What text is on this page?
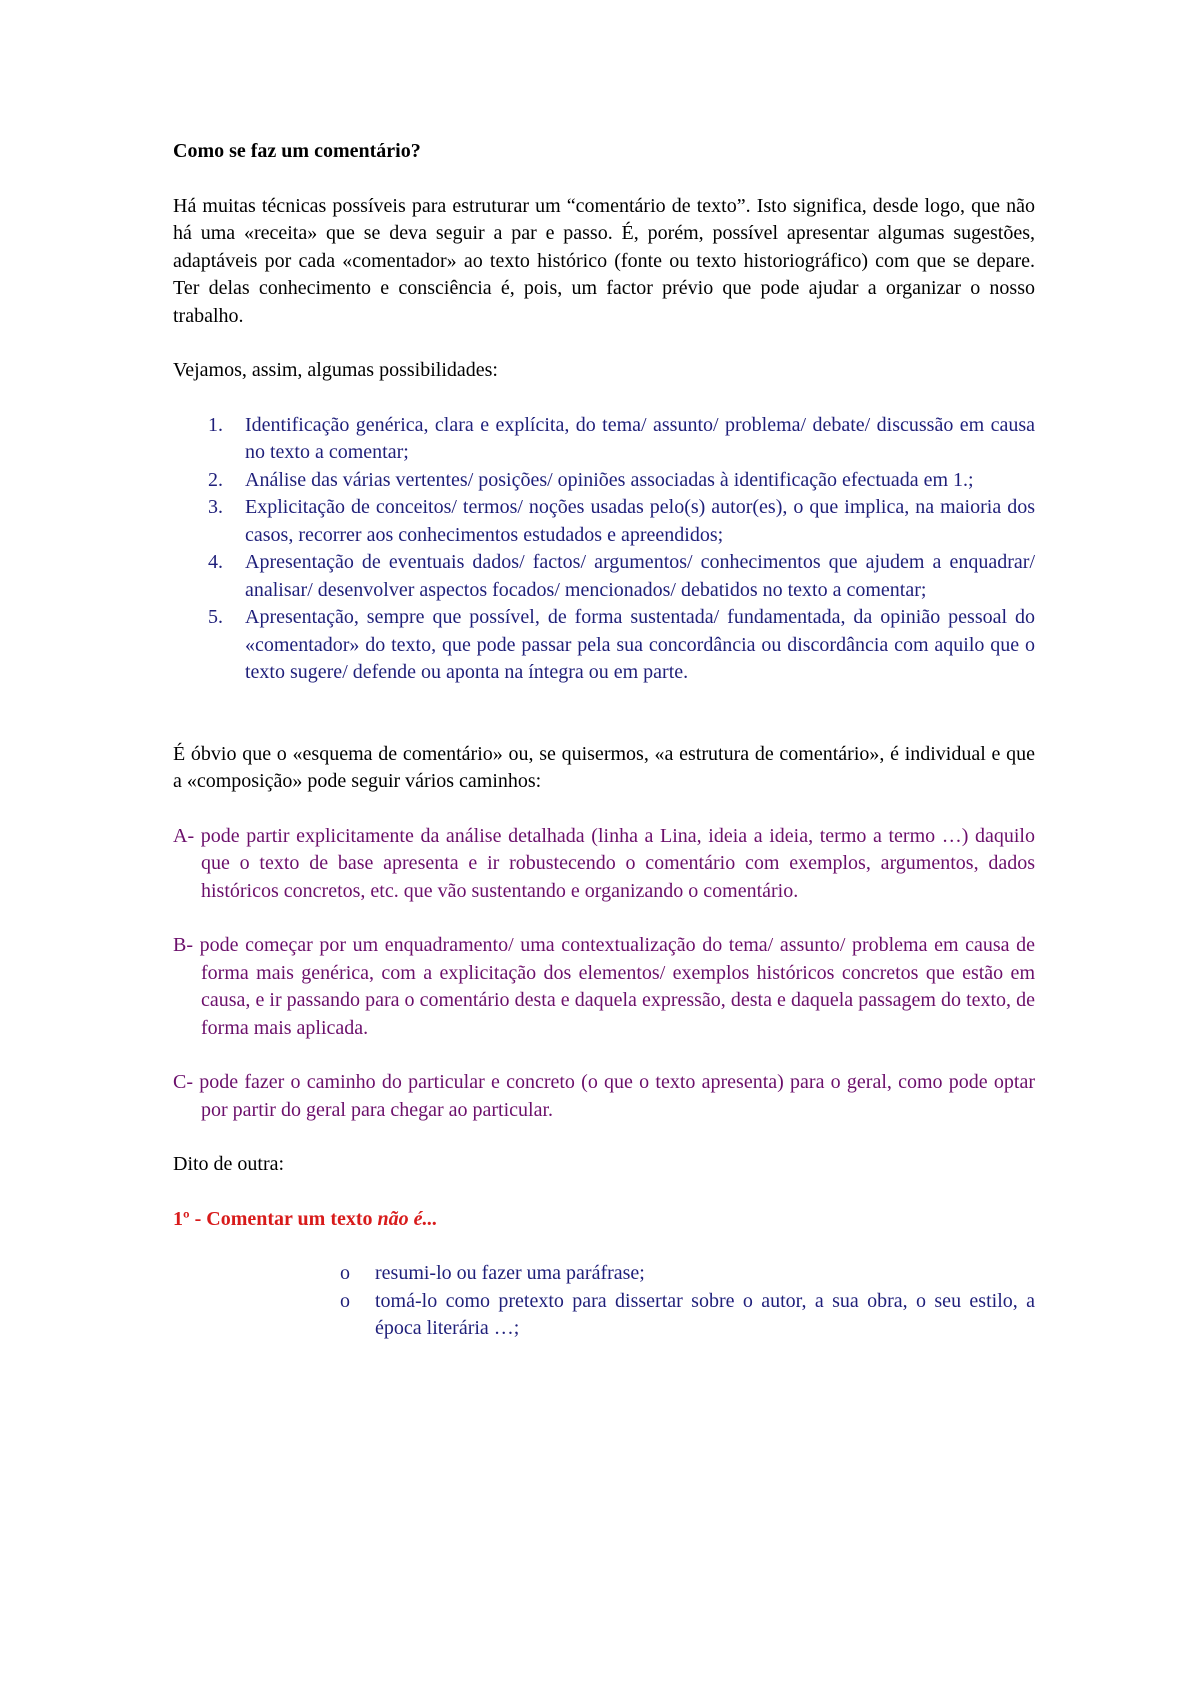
Como se faz um comentário?

Há muitas técnicas possíveis para estruturar um “comentário de texto”. Isto significa, desde logo, que não há uma «receita» que se deva seguir a par e passo. É, porém, possível apresentar algumas sugestões, adaptáveis por cada «comentador» ao texto histórico (fonte ou texto historiográfico) com que se depare. Ter delas conhecimento e consciência é, pois, um factor prévio que pode ajudar a organizar o nosso trabalho.

Vejamos, assim, algumas possibilidades:

1. Identificação genérica, clara e explícita, do tema/ assunto/ problema/ debate/ discussão em causa no texto a comentar;
2. Análise das várias vertentes/ posições/ opiniões associadas à identificação efectuada em 1.;
3. Explicitação de conceitos/ termos/ noções usadas pelo(s) autor(es), o que implica, na maioria dos casos, recorrer aos conhecimentos estudados e apreendidos;
4. Apresentação de eventuais dados/ factos/ argumentos/ conhecimentos que ajudem a enquadrar/ analisar/ desenvolver aspectos focados/ mencionados/ debatidos no texto a comentar;
5. Apresentação, sempre que possível, de forma sustentada/ fundamentada, da opinião pessoal do «comentador» do texto, que pode passar pela sua concordância ou discordância com aquilo que o texto sugere/ defende ou aponta na íntegra ou em parte.

É óbvio que o «esquema de comentário» ou, se quisermos, «a estrutura de comentário», é individual e que a «composição» pode seguir vários caminhos:

A- pode partir explicitamente da análise detalhada (linha a Lina, ideia a ideia, termo a termo …) daquilo que o texto de base apresenta e ir robustecendo o comentário com exemplos, argumentos, dados históricos concretos, etc. que vão sustentando e organizando o comentário.
B- pode começar por um enquadramento/ uma contextualização do tema/ assunto/ problema em causa de forma mais genérica, com a explicitação dos elementos/ exemplos históricos concretos que estão em causa, e ir passando para o comentário desta e daquela expressão, desta e daquela passagem do texto, de forma mais aplicada.
C- pode fazer o caminho do particular e concreto (o que o texto apresenta) para o geral, como pode optar por partir do geral para chegar ao particular.

Dito de outra:

1º - Comentar um texto não é...

o resumi-lo ou fazer uma paráfrase;
o tomá-lo como pretexto para dissertar sobre o autor, a sua obra, o seu estilo, a época literária …;
